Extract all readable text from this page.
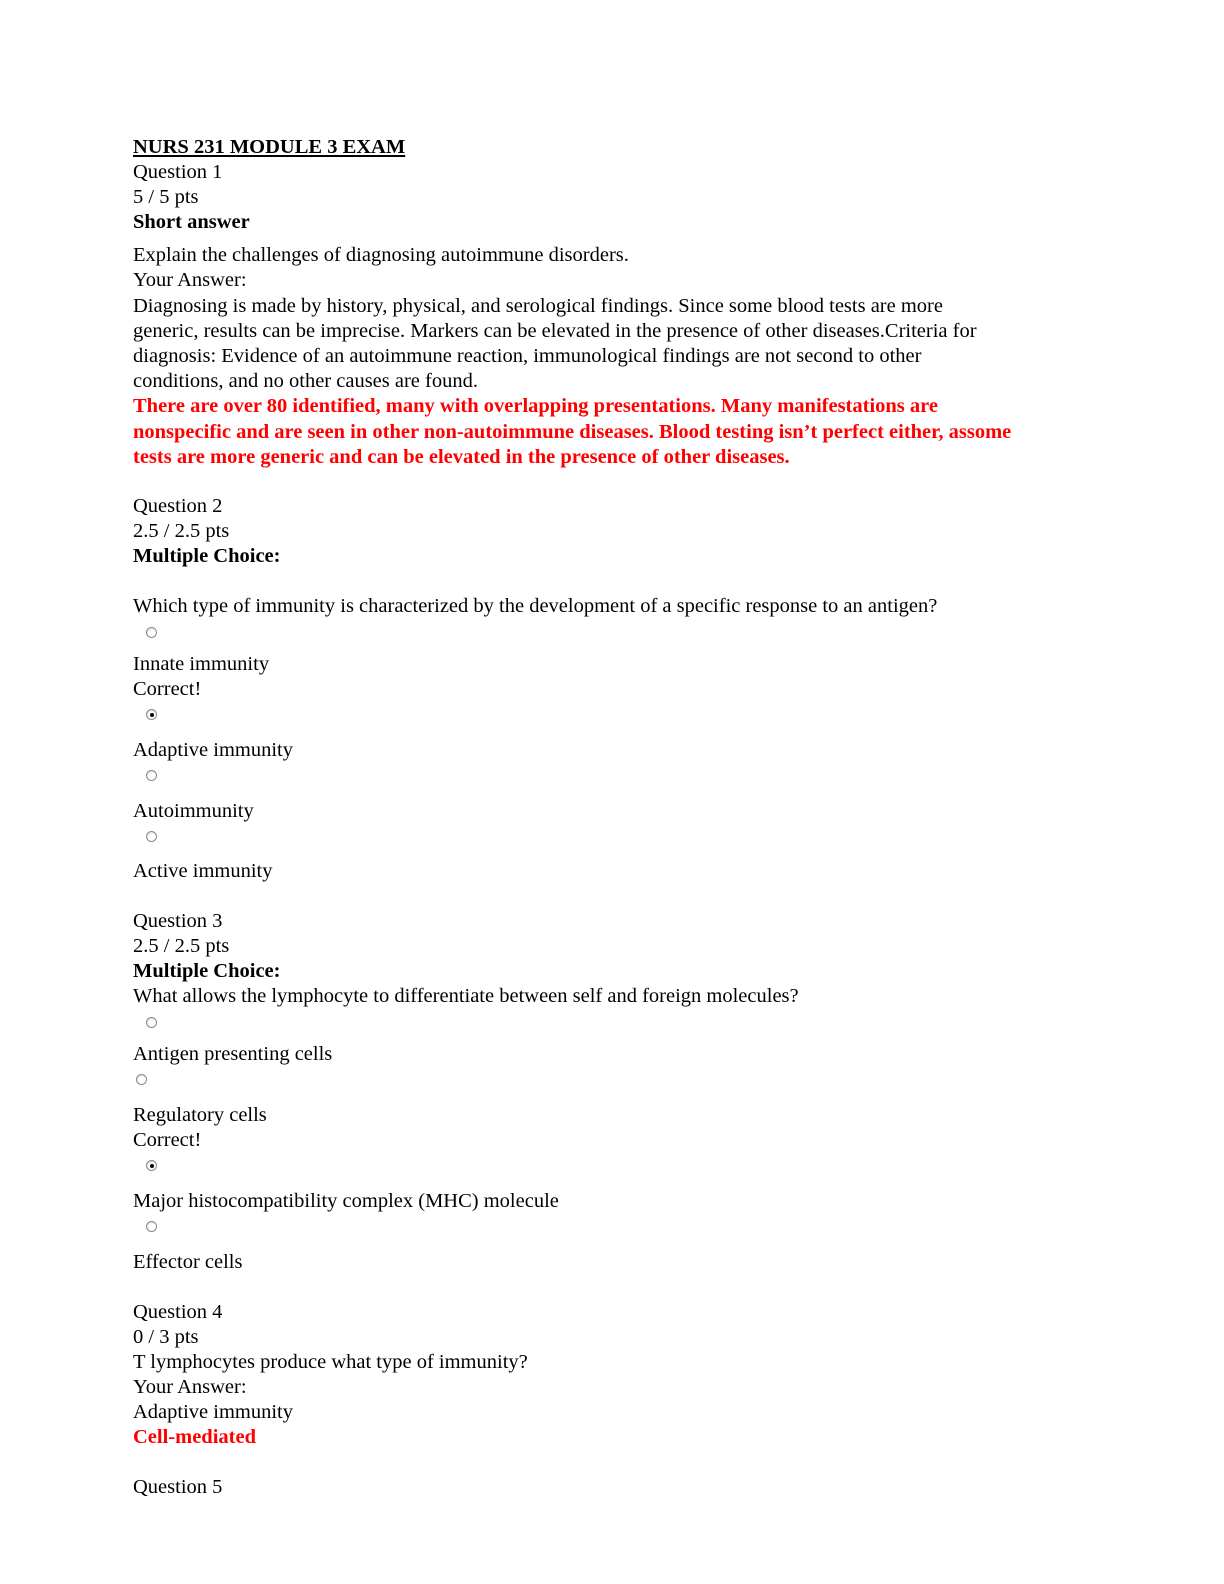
NURS 231 MODULE 3 EXAM
Question 1
5 / 5 pts
Short answer
Explain the challenges of diagnosing autoimmune disorders.
Your Answer:
Diagnosing is made by history, physical, and serological findings. Since some blood tests are more
generic, results can be imprecise. Markers can be elevated in the presence of other diseases.Criteria for
diagnosis: Evidence of an autoimmune reaction, immunological findings are not second to other
conditions, and no other causes are found.
There are over 80 identified, many with overlapping presentations. Many manifestations are
nonspecific and are seen in other non-autoimmune diseases. Blood testing isn’t perfect either, assome
tests are more generic and can be elevated in the presence of other diseases.
Question 2
2.5 / 2.5 pts
Multiple Choice:
Which type of immunity is characterized by the development of a specific response to an antigen?
Innate immunity
Correct!
Adaptive immunity
Autoimmunity
Active immunity
Question 3
2.5 / 2.5 pts
Multiple Choice:
What allows the lymphocyte to differentiate between self and foreign molecules?
Antigen presenting cells
Regulatory cells
Correct!
Major histocompatibility complex (MHC) molecule
Effector cells
Question 4
0 / 3 pts
T lymphocytes produce what type of immunity?
Your Answer:
Adaptive immunity
Cell-mediated
Question 5
